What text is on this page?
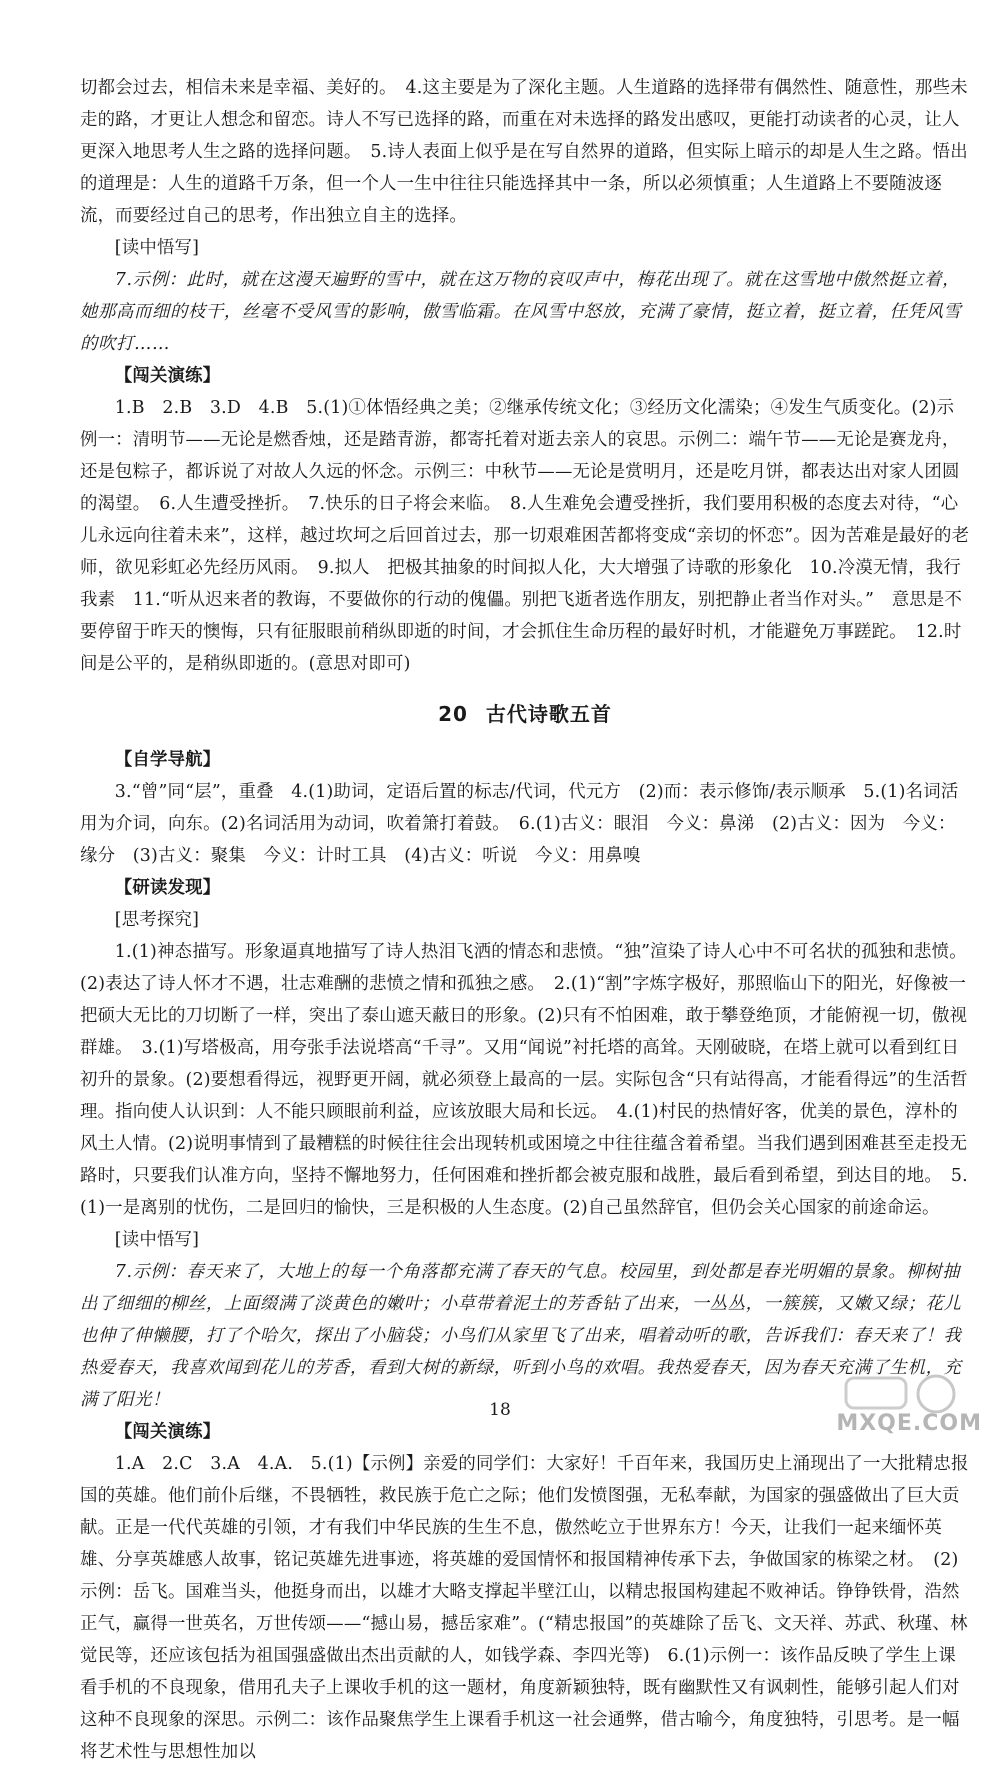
切都会过去，相信未来是幸福、美好的。　4.这主要是为了深化主题。人生道路的选择带有偶然性、随意性，那些未走的路，才更让人想念和留恋。诗人不写已选择的路，而重在对未选择的路发出感叹，更能打动读者的心灵，让人更深入地思考人生之路的选择问题。　5.诗人表面上似乎是在写自然界的道路，但实际上暗示的却是人生之路。悟出的道理是：人生的道路千万条，但一个人一生中往往只能选择其中一条，所以必须慎重；人生道路上不要随波逐流，而要经过自己的思考，作出独立自主的选择。

[读中悟写]

7.示例：此时，就在这漫天遍野的雪中，就在这万物的哀叹声中，梅花出现了。就在这雪地中傲然挺立着，她那高而细的枝干，丝毫不受风雪的影响，傲雪临霜。在风雪中怒放，充满了豪情，挺立着，挺立着，任凭风雪的吹打……

【闯关演练】

1.B　2.B　3.D　4.B　5.(1)①体悟经典之美；②继承传统文化；③经历文化濡染；④发生气质变化。(2)示例一：清明节——无论是燃香烛，还是踏青游，都寄托着对逝去亲人的哀思。示例二：端午节——无论是赛龙舟，还是包粽子，都诉说了对故人久远的怀念。示例三：中秋节——无论是赏明月，还是吃月饼，都表达出对家人团圆的渴望。　6.人生遭受挫折。　7.快乐的日子将会来临。　8.人生难免会遭受挫折，我们要用积极的态度去对待，“心儿永远向往着未来”，这样，越过坎坷之后回首过去，那一切艰难困苦都将变成“亲切的怀恋”。因为苦难是最好的老师，欲见彩虹必先经历风雨。　9.拟人　把极其抽象的时间拟人化，大大增强了诗歌的形象化　10.冷漠无情，我行我素　11.“听从迟来者的教诲，不要做你的行动的傀儡。别把飞逝者选作朋友，别把静止者当作对头。”　意思是不要停留于昨天的懊悔，只有征服眼前稍纵即逝的时间，才会抓住生命历程的最好时机，才能避免万事蹉跎。　12.时间是公平的，是稍纵即逝的。(意思对即可)

20 古代诗歌五首

【自学导航】

3.“曾”同“层”，重叠　4.(1)助词，定语后置的标志/代词，代元方　(2)而：表示修饰/表示顺承　5.(1)名词活用为介词，向东。(2)名词活用为动词，吹着箫打着鼓。　6.(1)古义：眼泪　今义：鼻涕　(2)古义：因为　今义：缘分　(3)古义：聚集　今义：计时工具　(4)古义：听说　今义：用鼻嗅

【研读发现】

[思考探究]

1.(1)神态描写。形象逼真地描写了诗人热泪飞洒的情态和悲愤。“独”渲染了诗人心中不可名状的孤独和悲愤。　(2)表达了诗人怀才不遇，壮志难酬的悲愤之情和孤独之感。　2.(1)“割”字炼字极好，那照临山下的阳光，好像被一把硕大无比的刀切断了一样，突出了泰山遮天蔽日的形象。(2)只有不怕困难，敢于攀登绝顶，才能俯视一切，傲视群雄。　3.(1)写塔极高，用夸张手法说塔高“千寻”。又用“闻说”衬托塔的高耸。天刚破晓，在塔上就可以看到红日初升的景象。(2)要想看得远，视野更开阔，就必须登上最高的一层。实际包含“只有站得高，才能看得远”的生活哲理。指向使人认识到：人不能只顾眼前利益，应该放眼大局和长远。　4.(1)村民的热情好客，优美的景色，淳朴的风土人情。(2)说明事情到了最糟糕的时候往往会出现转机或困境之中往往蕴含着希望。当我们遇到困难甚至走投无路时，只要我们认准方向，坚持不懈地努力，任何困难和挫折都会被克服和战胜，最后看到希望，到达目的地。　5.(1)一是离别的忧伤，二是回归的愉快，三是积极的人生态度。(2)自己虽然辞官，但仍会关心国家的前途命运。

[读中悟写]

7.示例：春天来了，大地上的每一个角落都充满了春天的气息。校园里，到处都是春光明媚的景象。柳树抽出了细细的柳丝，上面缀满了淡黄色的嫩叶；小草带着泥土的芳香钻了出来，一丛丛，一簇簇，又嫩又绿；花儿也伸了伸懒腰，打了个哈欠，探出了小脑袋；小鸟们从家里飞了出来，唱着动听的歌，告诉我们：春天来了！我热爱春天，我喜欢闻到花儿的芳香，看到大树的新绿，听到小鸟的欢唱。我热爱春天，因为春天充满了生机，充满了阳光！

【闯关演练】

1.A　2.C　3.A　4.A.　5.(1)【示例】亲爱的同学们：大家好！千百年来，我国历史上涌现出了一大批精忠报国的英雄。他们前仆后继，不畏牺牲，救民族于危亡之际；他们发愤图强，无私奉献，为国家的强盛做出了巨大贡献。正是一代代英雄的引领，才有我们中华民族的生生不息，傲然屹立于世界东方！今天，让我们一起来缅怀英雄、分享英雄感人故事，铭记英雄先进事迹，将英雄的爱国情怀和报国精神传承下去，争做国家的栋梁之材。　(2)示例：岳飞。国难当头，他挺身而出，以雄才大略支撑起半壁江山，以精忠报国构建起不败神话。铮铮铁骨，浩然正气，赢得一世英名，万世传颂——“撼山易，撼岳家难”。(“精忠报国”的英雄除了岳飞、文天祥、苏武、秋瑾、林觉民等，还应该包括为祖国强盛做出杰出贡献的人，如钱学森、李四光等)　6.(1)示例一：该作品反映了学生上课看手机的不良现象，借用孔夫子上课收手机的这一题材，角度新颖独特，既有幽默性又有讽刺性，能够引起人们对这种不良现象的深思。示例二：该作品聚焦学生上课看手机这一社会通弊，借古喻今，角度独特，引思考。是一幅将艺术性与思想性加以

18
MXQE.COM
